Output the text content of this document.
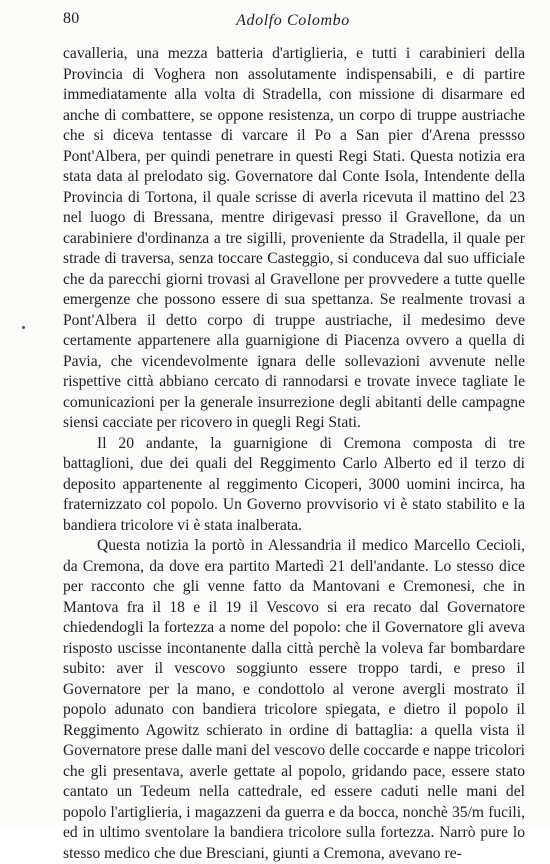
80	Adolfo Colombo

cavalleria, una mezza batteria d'artiglieria, e tutti i carabinieri della Provincia di Voghera non assolutamente indispensabili, e di partire immediatamente alla volta di Stradella, con missione di disarmare ed anche di combattere, se oppone resistenza, un corpo di truppe austriache che si diceva tentasse di varcare il Po a San pier d'Arena pressso Pont'Albera, per quindi penetrare in questi Regi Stati. Questa notizia era stata data al prelodato sig. Governatore dal Conte Isola, Intendente della Provincia di Tortona, il quale scrisse di averla ricevuta il mattino del 23 nel luogo di Bressana, mentre dirigevasi presso il Gravellone, da un carabiniere d'ordinanza a tre sigilli, proveniente da Stradella, il quale per strade di traversa, senza toccare Casteggio, si conduceva dal suo ufficiale che da parecchi giorni trovasi al Gravellone per provvedere a tutte quelle emergenze che possono essere di sua spettanza. Se realmente trovasi a Pont'Albera il detto corpo di truppe austriache, il medesimo deve certamente appartenere alla guarnigione di Piacenza ovvero a quella di Pavia, che vicendevolmente ignara delle sollevazioni avvenute nelle rispettive città abbiano cercato di rannodarsi e trovate invece tagliate le comunicazioni per la generale insurrezione degli abitanti delle campagne siensi cacciate per ricovero in quegli Regi Stati.

Il 20 andante, la guarnigione di Cremona composta di tre battaglioni, due dei quali del Reggimento Carlo Alberto ed il terzo di deposito appartenente al reggimento Cicoperi, 3000 uomini incirca, ha fraternizzato col popolo. Un Governo provvisorio vi è stato stabilito e la bandiera tricolore vi è stata inalberata.

Questa notizia la portò in Alessandria il medico Marcello Cecioli, da Cremona, da dove era partito Martedì 21 dell'andante. Lo stesso dice per racconto che gli venne fatto da Mantovani e Cremonesi, che in Mantova fra il 18 e il 19 il Vescovo si era recato dal Governatore chiedendogli la fortezza a nome del popolo: che il Governatore gli aveva risposto uscisse incontanente dalla città perchè la voleva far bombardare subito: aver il vescovo soggiunto essere troppo tardi, e preso il Governatore per la mano, e condottolo al verone avergli mostrato il popolo adunato con bandiera tricolore spiegata, e dietro il popolo il Reggimento Agowitz schierato in ordine di battaglia: a quella vista il Governatore prese dalle mani del vescovo delle coccarde e nappe tricolori che gli presentava, averle gettate al popolo, gridando pace, essere stato cantato un Tedeum nella cattedrale, ed essere caduti nelle mani del popolo l'artiglieria, i magazzeni da guerra e da bocca, nonchè 35/m fucili, ed in ultimo sventolare la bandiera tricolore sulla fortezza. Narrò pure lo stesso medico che due Bresciani, giunti a Cremona, avevano re-
